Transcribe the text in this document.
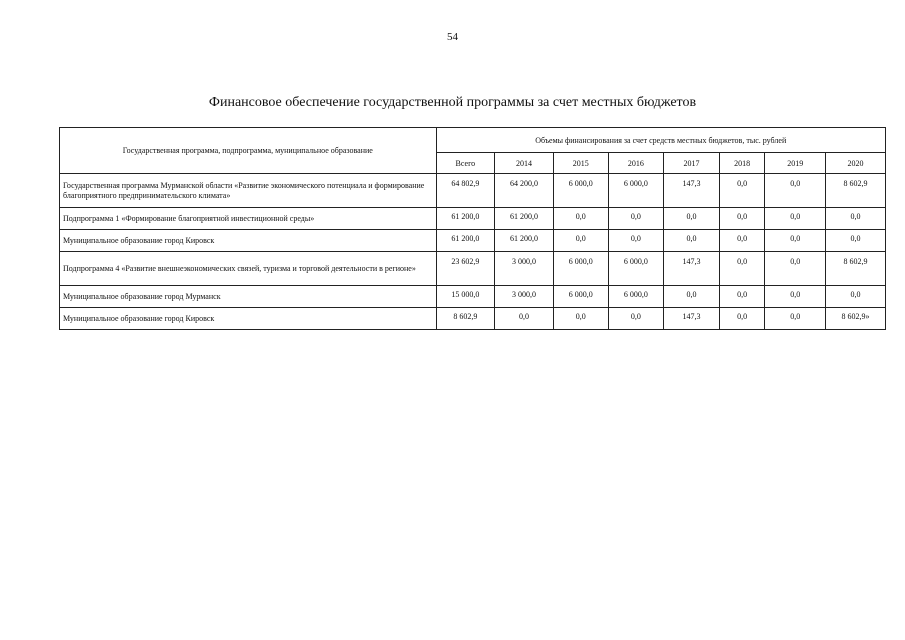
54
Финансовое обеспечение государственной программы за счет местных бюджетов
Государственная программа, подпрограмма, муниципальное образование	Объемы финансирования за счет средств местных бюджетов, тыс. рублей							
	Всего	2014	2015	2016	2017	2018	2019	2020
Государственная программа Мурманской области «Развитие экономического потенциала и формирование благоприятного предпринимательского климата»	64 802,9	64 200,0	6 000,0	6 000,0	147,3	0,0	0,0	8 602,9
Подпрограмма 1 «Формирование благоприятной инвестиционной среды»	61 200,0	61 200,0	0,0	0,0	0,0	0,0	0,0	0,0
Муниципальное образование город Кировск	61 200,0	61 200,0	0,0	0,0	0,0	0,0	0,0	0,0
Подпрограмма 4 «Развитие внешнеэкономических связей, туризма и торговой деятельности в регионе»	23 602,9	3 000,0	6 000,0	6 000,0	147,3	0,0	0,0	8 602,9
Муниципальное образование город Мурманск	15 000,0	3 000,0	6 000,0	6 000,0	0,0	0,0	0,0	0,0
Муниципальное образование город Кировск	8 602,9	0,0	0,0	0,0	147,3	0,0	0,0	8 602,9»
